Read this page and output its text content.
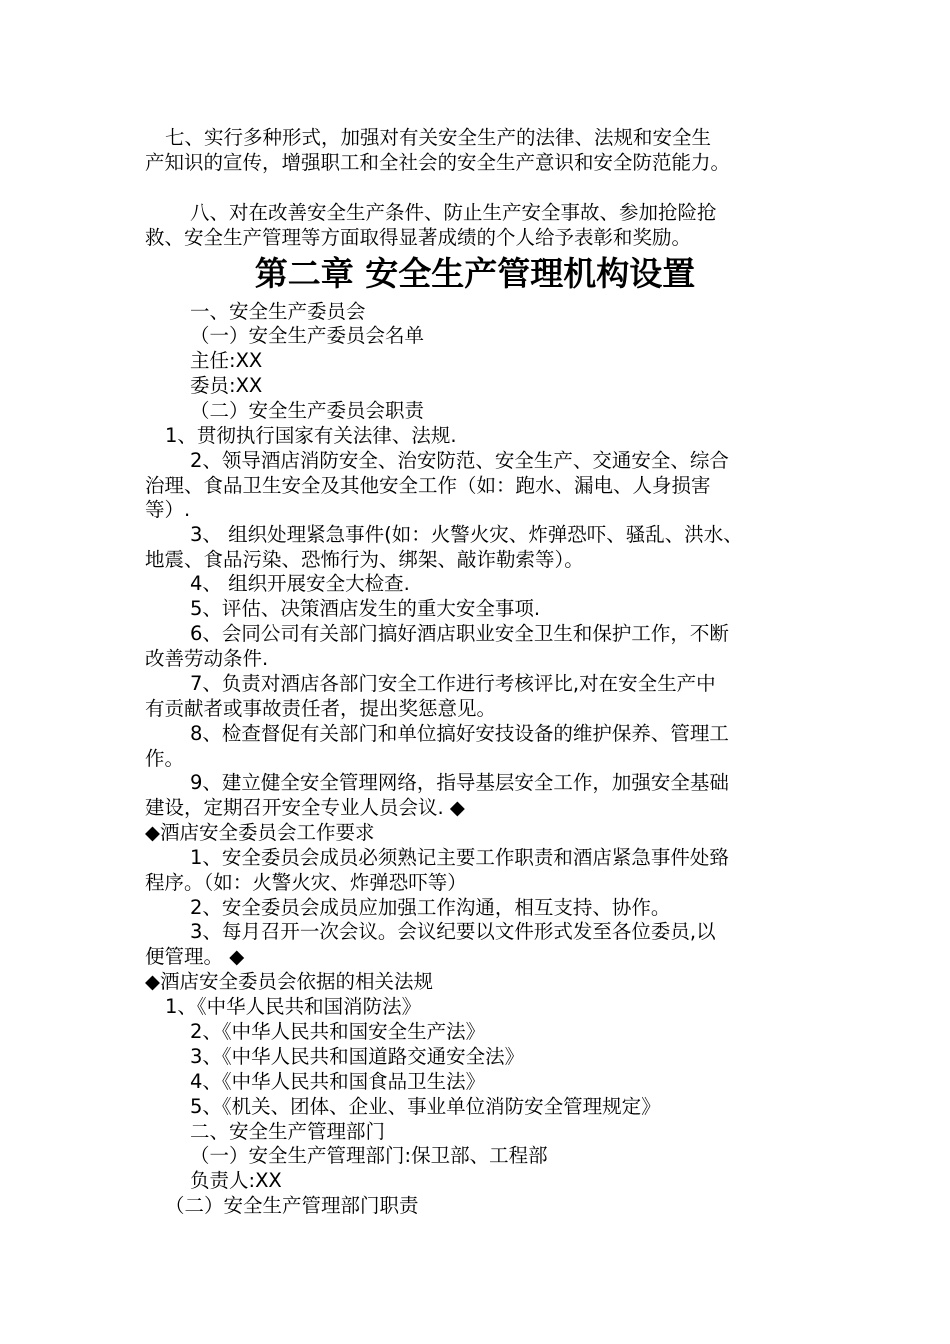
七、实行多种形式，加强对有关安全生产的法律、法规和安全生
产知识的宣传，增强职工和全社会的安全生产意识和安全防范能力。
八、对在改善安全生产条件、防止生产安全事故、参加抢险抢
救、安全生产管理等方面取得显著成绩的个人给予表彰和奖励。
第二章 安全生产管理机构设置
一、安全生产委员会
（一）安全生产委员会名单
主任:XX
委员:XX
（二）安全生产委员会职责
1、贯彻执行国家有关法律、法规.
2、领导酒店消防安全、治安防范、安全生产、交通安全、综合
治理、食品卫生安全及其他安全工作（如：跑水、漏电、人身损害
等）.
3、 组织处理紧急事件(如：火警火灾、炸弹恐吓、骚乱、洪水、
地震、食品污染、恐怖行为、绑架、敲诈勒索等）。
4、 组织开展安全大检查.
5、评估、决策酒店发生的重大安全事项.
6、会同公司有关部门搞好酒店职业安全卫生和保护工作，不断
改善劳动条件.
7、负责对酒店各部门安全工作进行考核评比,对在安全生产中
有贡献者或事故责任者，提出奖惩意见。
8、检查督促有关部门和单位搞好安技设备的维护保养、管理工
作。
9、建立健全安全管理网络，指导基层安全工作，加强安全基础
建设，定期召开安全专业人员会议. ◆
◆酒店安全委员会工作要求
1、安全委员会成员必须熟记主要工作职责和酒店紧急事件处臵
程序。（如：火警火灾、炸弹恐吓等）
2、安全委员会成员应加强工作沟通，相互支持、协作。
3、每月召开一次会议。会议纪要以文件形式发至各位委员,以
便管理。 ◆
◆酒店安全委员会依据的相关法规
1、《中华人民共和国消防法》
2、《中华人民共和国安全生产法》
3、《中华人民共和国道路交通安全法》
4、《中华人民共和国食品卫生法》
5、《机关、团体、企业、事业单位消防安全管理规定》
二、安全生产管理部门
（一）安全生产管理部门:保卫部、工程部
负责人:XX
（二）安全生产管理部门职责
